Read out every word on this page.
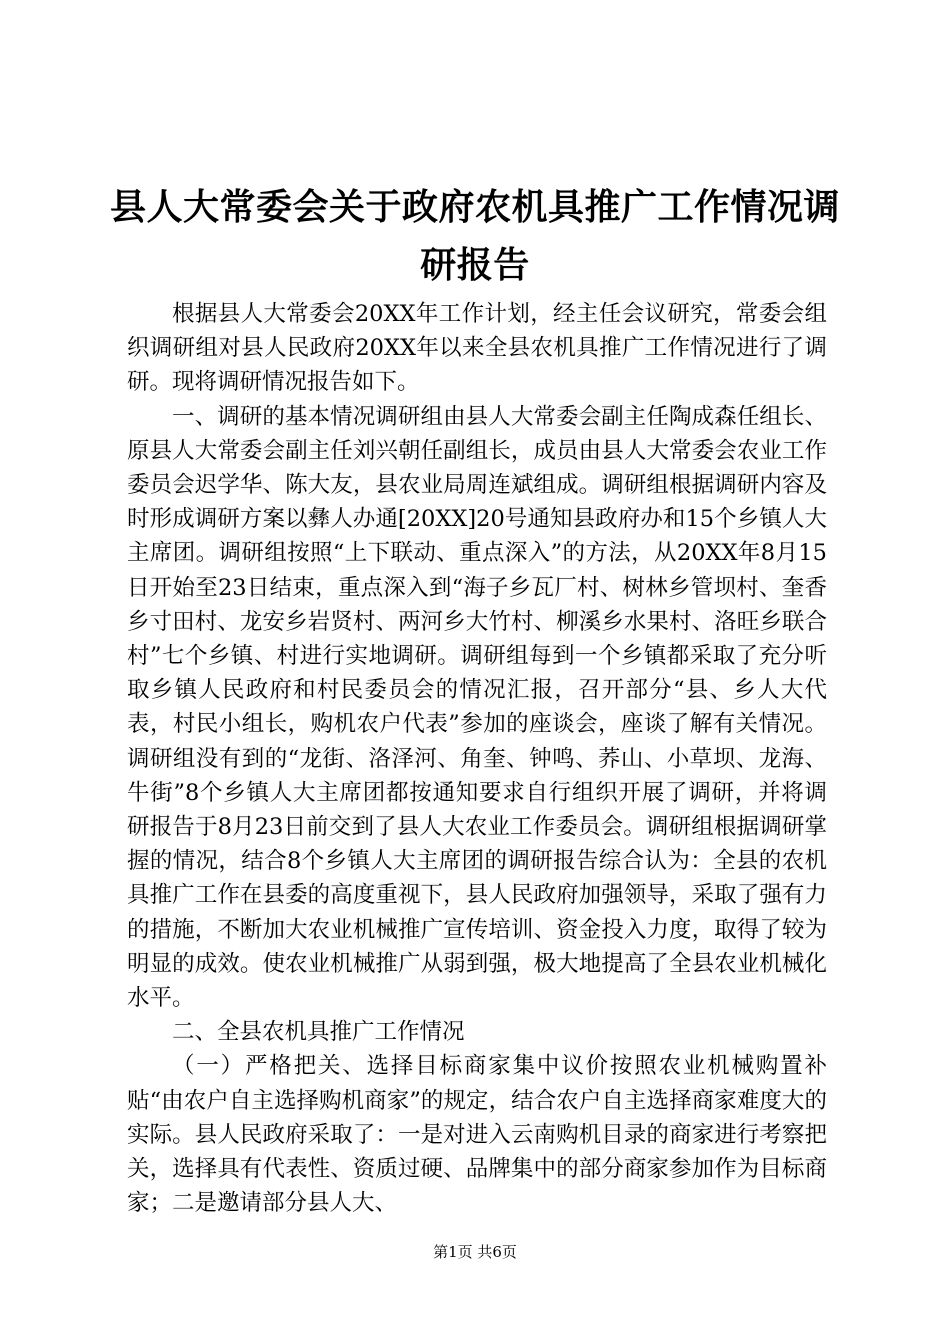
县人大常委会关于政府农机具推广工作情况调研报告

根据县人大常委会20XX年工作计划，经主任会议研究，常委会组织调研组对县人民政府20XX年以来全县农机具推广工作情况进行了调研。现将调研情况报告如下。

一、调研的基本情况调研组由县人大常委会副主任陶成森任组长、原县人大常委会副主任刘兴朝任副组长，成员由县人大常委会农业工作委员会迟学华、陈大友，县农业局周连斌组成。调研组根据调研内容及时形成调研方案以彝人办通[20XX]20号通知县政府办和15个乡镇人大主席团。调研组按照“上下联动、重点深入”的方法，从20XX年8月15日开始至23日结束，重点深入到“海子乡瓦厂村、树林乡管坝村、奎香乡寸田村、龙安乡岩贤村、两河乡大竹村、柳溪乡水果村、洛旺乡联合村”七个乡镇、村进行实地调研。调研组每到一个乡镇都采取了充分听取乡镇人民政府和村民委员会的情况汇报，召开部分“县、乡人大代表，村民小组长，购机农户代表”参加的座谈会，座谈了解有关情况。调研组没有到的“龙街、洛泽河、角奎、钟鸣、荞山、小草坝、龙海、牛街”8个乡镇人大主席团都按通知要求自行组织开展了调研，并将调研报告于8月23日前交到了县人大农业工作委员会。调研组根据调研掌握的情况，结合8个乡镇人大主席团的调研报告综合认为：全县的农机具推广工作在县委的高度重视下，县人民政府加强领导，采取了强有力的措施，不断加大农业机械推广宣传培训、资金投入力度，取得了较为明显的成效。使农业机械推广从弱到强，极大地提高了全县农业机械化水平。

二、全县农机具推广工作情况

（一）严格把关、选择目标商家集中议价按照农业机械购置补贴“由农户自主选择购机商家”的规定，结合农户自主选择商家难度大的实际。县人民政府采取了：一是对进入云南购机目录的商家进行考察把关，选择具有代表性、资质过硬、品牌集中的部分商家参加作为目标商家；二是邀请部分县人大、

第1页 共6页
